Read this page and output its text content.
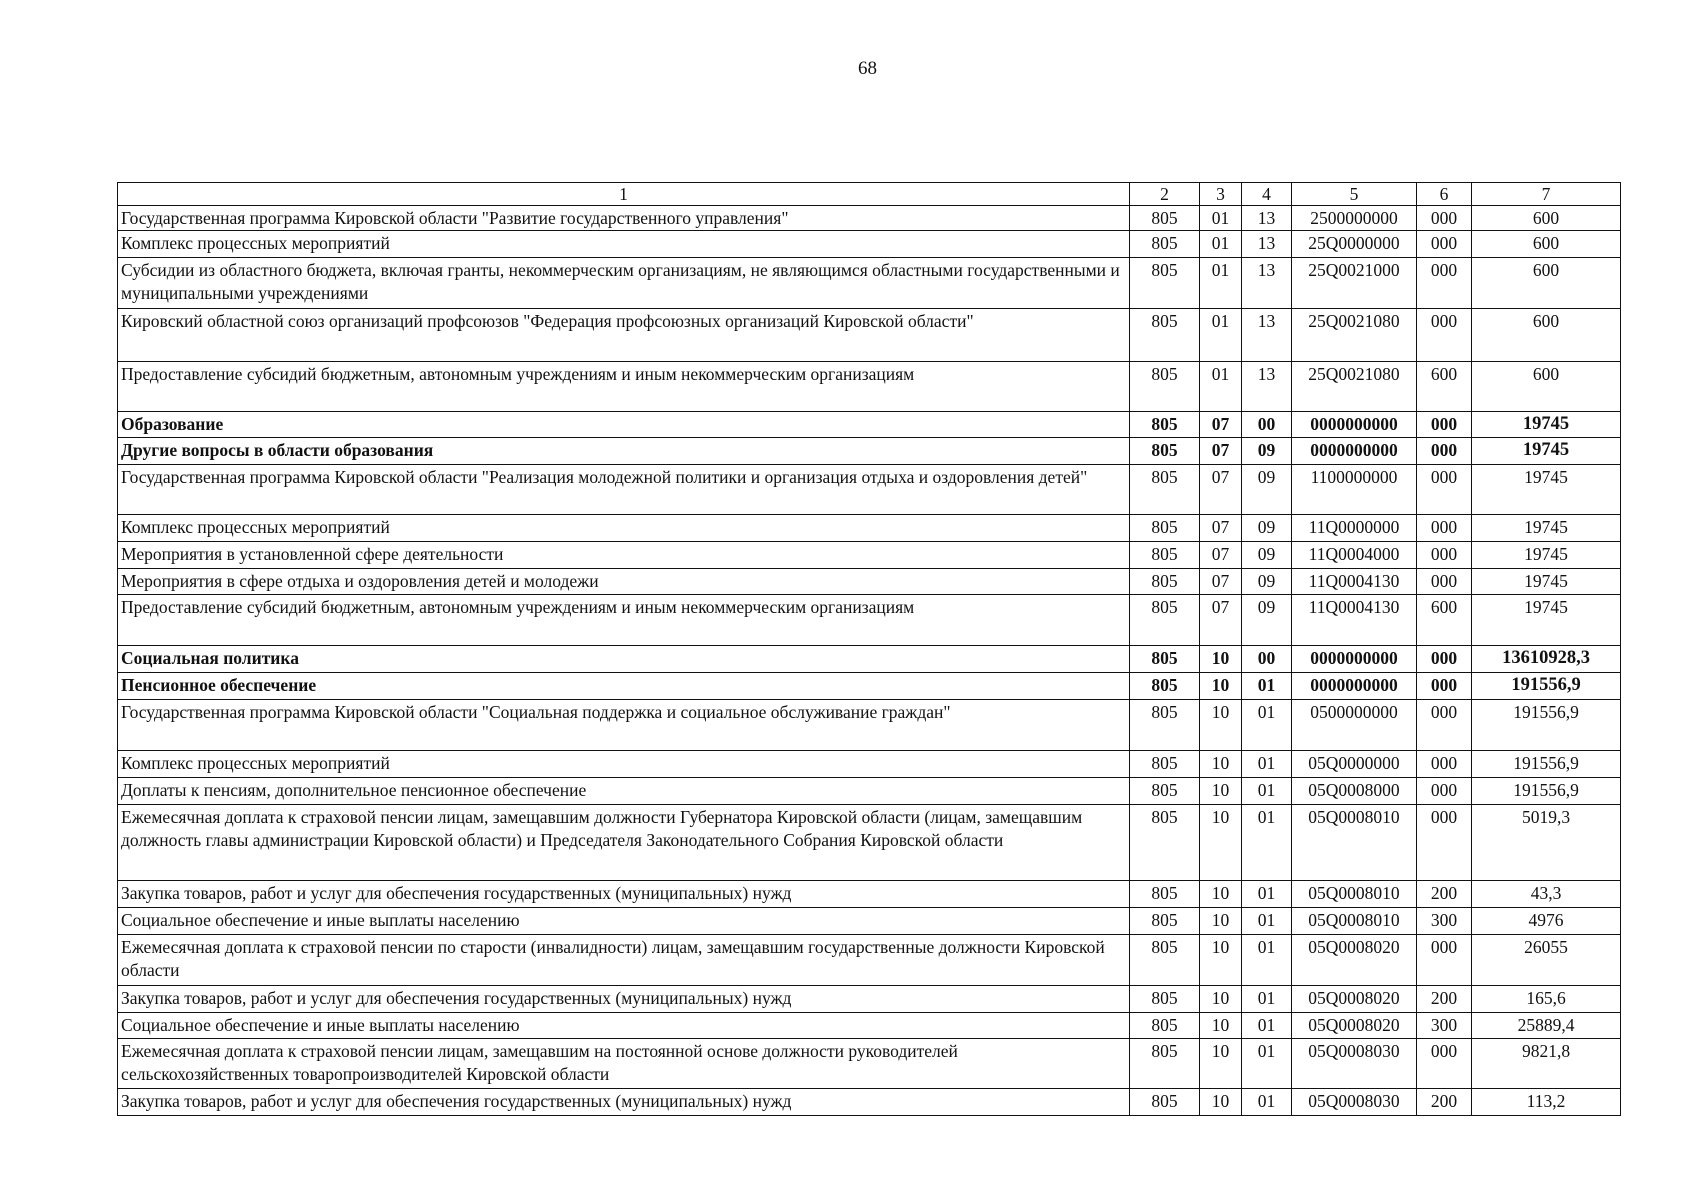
68
1	2	3	4	5	6	7
Государственная программа Кировской области "Развитие государственного управления"	805	01	13	2500000000	000	600
Комплекс процессных мероприятий	805	01	13	25Q0000000	000	600
Субсидии из областного бюджета, включая гранты, некоммерческим организациям, не являющимся областными государственными и муниципальными учреждениями	805	01	13	25Q0021000	000	600
Кировский областной союз организаций профсоюзов "Федерация профсоюзных организаций Кировской области"	805	01	13	25Q0021080	000	600
Предоставление субсидий бюджетным, автономным учреждениям и иным некоммерческим организациям	805	01	13	25Q0021080	600	600
Образование	805	07	00	0000000000	000	19745
Другие вопросы в области образования	805	07	09	0000000000	000	19745
Государственная программа Кировской области "Реализация молодежной политики и организация отдыха и оздоровления детей"	805	07	09	1100000000	000	19745
Комплекс процессных мероприятий	805	07	09	11Q0000000	000	19745
Мероприятия в установленной сфере деятельности	805	07	09	11Q0004000	000	19745
Мероприятия в сфере отдыха и оздоровления детей и молодежи	805	07	09	11Q0004130	000	19745
Предоставление субсидий бюджетным, автономным учреждениям и иным некоммерческим организациям	805	07	09	11Q0004130	600	19745
Социальная политика	805	10	00	0000000000	000	13610928,3
Пенсионное обеспечение	805	10	01	0000000000	000	191556,9
Государственная программа Кировской области "Социальная поддержка и социальное обслуживание граждан"	805	10	01	0500000000	000	191556,9
Комплекс процессных мероприятий	805	10	01	05Q0000000	000	191556,9
Доплаты к пенсиям, дополнительное пенсионное обеспечение	805	10	01	05Q0008000	000	191556,9
Ежемесячная доплата к страховой пенсии лицам, замещавшим должности Губернатора Кировской области (лицам, замещавшим должность главы администрации Кировской области) и Председателя Законодательного Собрания Кировской области	805	10	01	05Q0008010	000	5019,3
Закупка товаров, работ и услуг для обеспечения государственных (муниципальных) нужд	805	10	01	05Q0008010	200	43,3
Социальное обеспечение и иные выплаты населению	805	10	01	05Q0008010	300	4976
Ежемесячная доплата к страховой пенсии по старости (инвалидности) лицам, замещавшим государственные должности Кировской области	805	10	01	05Q0008020	000	26055
Закупка товаров, работ и услуг для обеспечения государственных (муниципальных) нужд	805	10	01	05Q0008020	200	165,6
Социальное обеспечение и иные выплаты населению	805	10	01	05Q0008020	300	25889,4
Ежемесячная доплата к страховой пенсии лицам, замещавшим на постоянной основе должности руководителей сельскохозяйственных товаропроизводителей Кировской области	805	10	01	05Q0008030	000	9821,8
Закупка товаров, работ и услуг для обеспечения государственных (муниципальных) нужд	805	10	01	05Q0008030	200	113,2
